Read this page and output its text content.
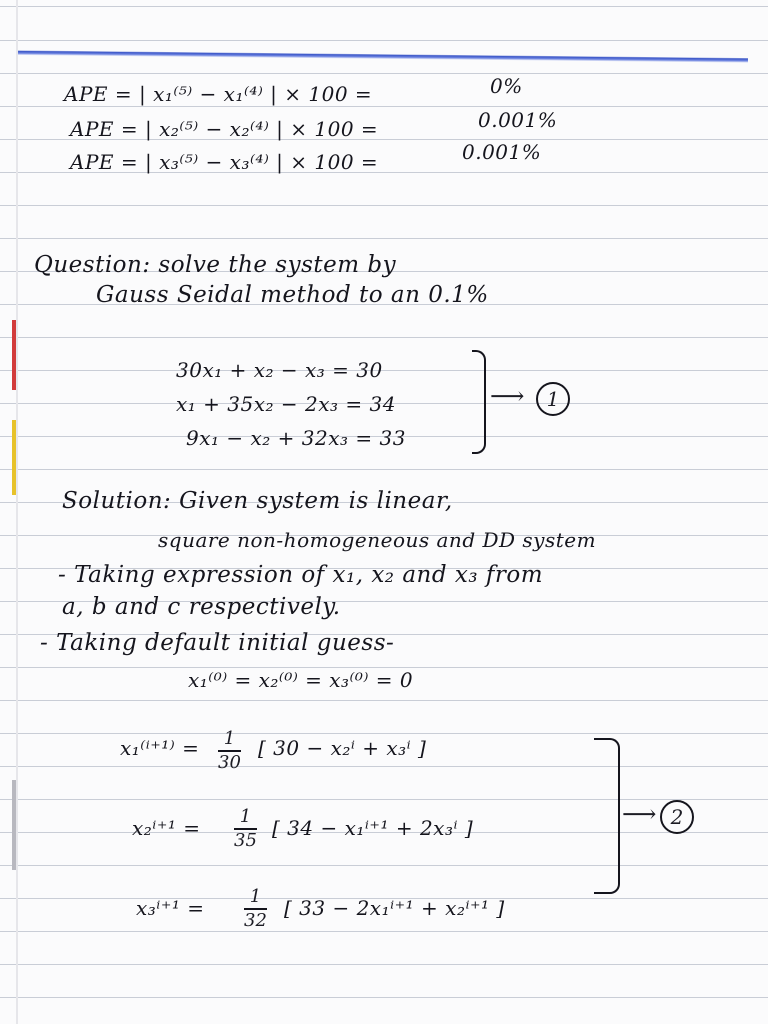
APE = | x₁⁽⁵⁾ − x₁⁽⁴⁾ | × 100 =	0%
APE = | x₂⁽⁵⁾ − x₂⁽⁴⁾ | × 100 =	0.001%
APE = | x₃⁽⁵⁾ − x₃⁽⁴⁾ | × 100 =	0.001%
Question: solve the system by
Gauss Seidal method to an 0.1%
30x₁ + x₂ − x₃ = 30
x₁ + 35x₂ − 2x₃ = 34
9x₁ − x₂ + 32x₃ = 33
⟶	1
Solution: Given system is linear,
square non-homogeneous and DD system
- Taking expression of x₁, x₂ and x₃ from
a, b and c respectively.
- Taking default initial guess-
x₁⁽⁰⁾ = x₂⁽⁰⁾ = x₃⁽⁰⁾ = 0
$x_1^{(i+1)} = \frac{1}{30}$ [ 30 − x₂ⁱ + x₃ⁱ ]
$x_2^{i+1} = \frac{1}{35}$ [ 34 − x₁ⁱ⁺¹ + 2x₃ⁱ ]
$x_3^{i+1} = \frac{1}{32}$ [ 33 − 2x₁ⁱ⁺¹ + x₂ⁱ⁺¹ ]
⟶ 2
